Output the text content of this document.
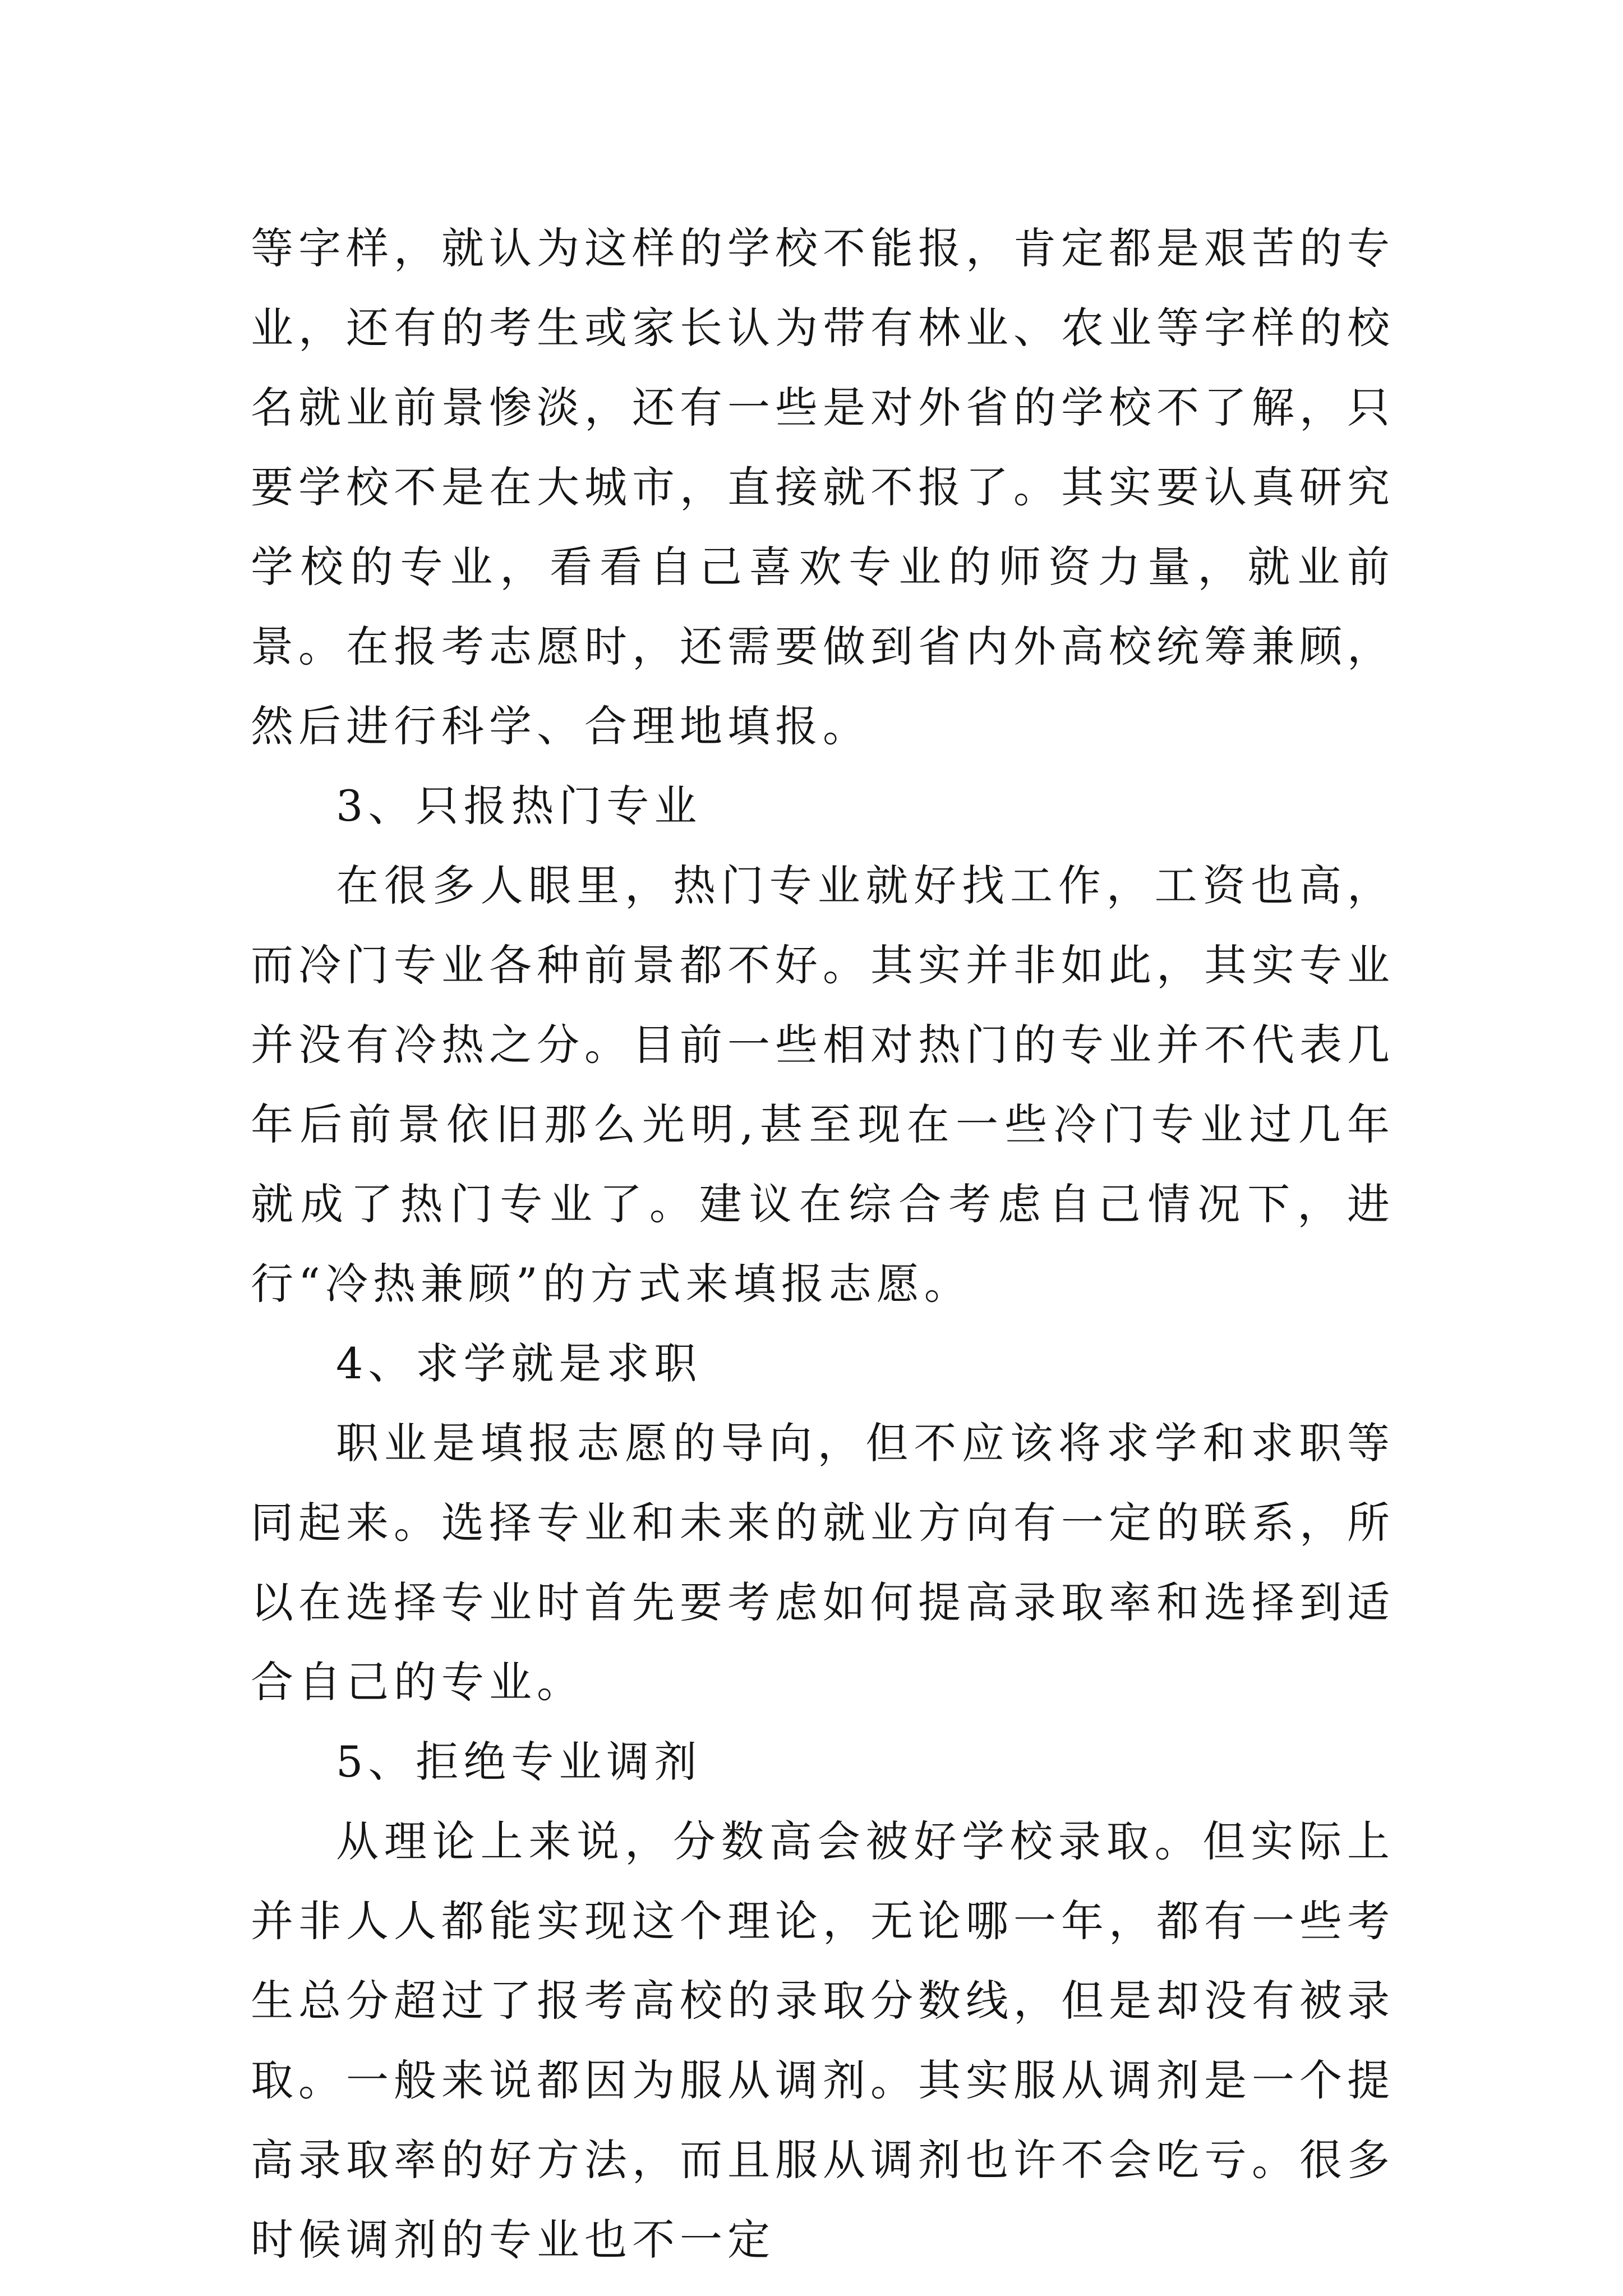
等字样，就认为这样的学校不能报，肯定都是艰苦的专业，还有的考生或家长认为带有林业、农业等字样的校名就业前景惨淡，还有一些是对外省的学校不了解，只要学校不是在大城市，直接就不报了。其实要认真研究学校的专业，看看自己喜欢专业的师资力量，就业前景。在报考志愿时，还需要做到省内外高校统筹兼顾，然后进行科学、合理地填报。

3、只报热门专业

在很多人眼里，热门专业就好找工作，工资也高，而冷门专业各种前景都不好。其实并非如此，其实专业并没有冷热之分。目前一些相对热门的专业并不代表几年后前景依旧那么光明,甚至现在一些冷门专业过几年就成了热门专业了。建议在综合考虑自己情况下，进行“冷热兼顾”的方式来填报志愿。

4、求学就是求职

职业是填报志愿的导向，但不应该将求学和求职等同起来。选择专业和未来的就业方向有一定的联系，所以在选择专业时首先要考虑如何提高录取率和选择到适合自己的专业。

5、拒绝专业调剂

从理论上来说，分数高会被好学校录取。但实际上并非人人都能实现这个理论，无论哪一年，都有一些考生总分超过了报考高校的录取分数线，但是却没有被录取。一般来说都因为服从调剂。其实服从调剂是一个提高录取率的好方法，而且服从调剂也许不会吃亏。很多时候调剂的专业也不一定
